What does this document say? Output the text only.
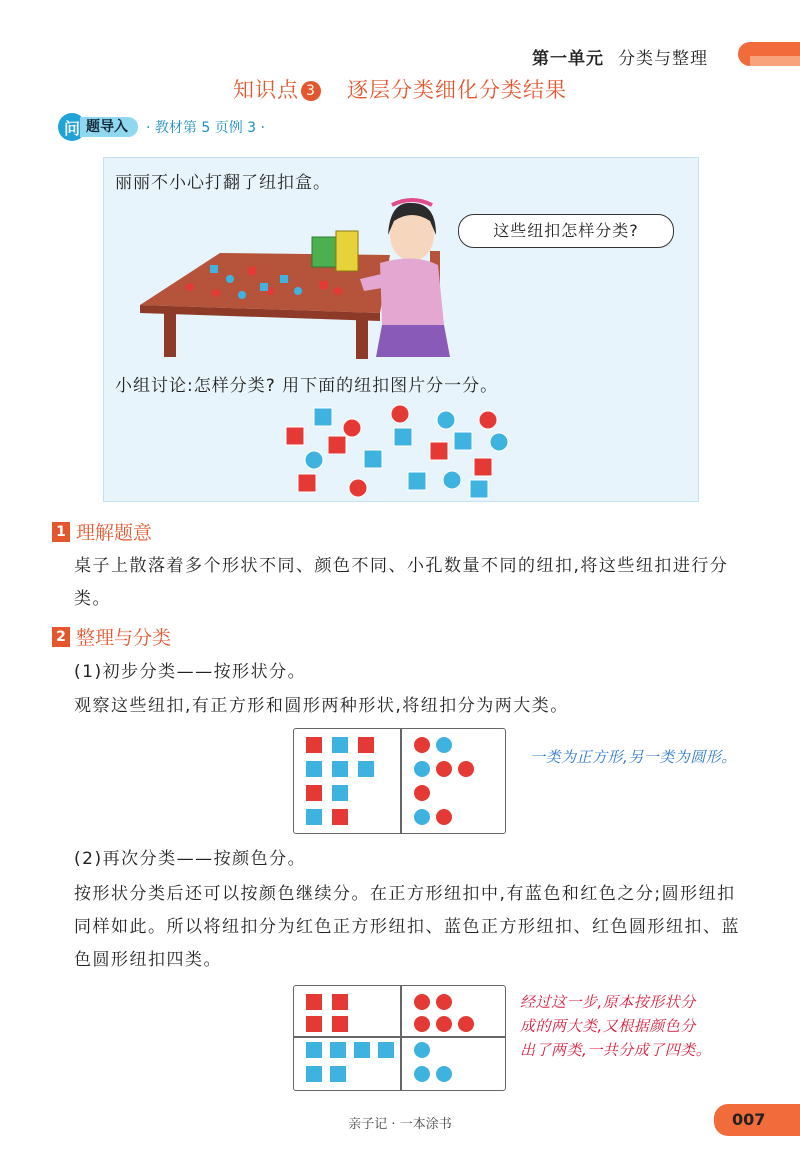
第一单元 分类与整理
知识点 3 逐层分类细化分类结果
问 题导入	· 教材第 5 页例 3 ·
丽丽不小心打翻了纽扣盒。
这些纽扣怎样分类?
小组讨论:怎样分类? 用下面的纽扣图片分一分。
1 理解题意
桌子上散落着多个形状不同、颜色不同、小孔数量不同的纽扣,将这些纽扣进行分类。
2 整理与分类
(1)初步分类——按形状分。
观察这些纽扣,有正方形和圆形两种形状,将纽扣分为两大类。
一类为正方形,另一类为圆形。
(2)再次分类——按颜色分。
按形状分类后还可以按颜色继续分。在正方形纽扣中,有蓝色和红色之分;圆形纽扣同样如此。所以将纽扣分为红色正方形纽扣、蓝色正方形纽扣、红色圆形纽扣、蓝色圆形纽扣四类。
经过这一步,原本按形状分
成的两大类,又根据颜色分
出了两类,一共分成了四类。
亲子记 · 一本涂书	007
